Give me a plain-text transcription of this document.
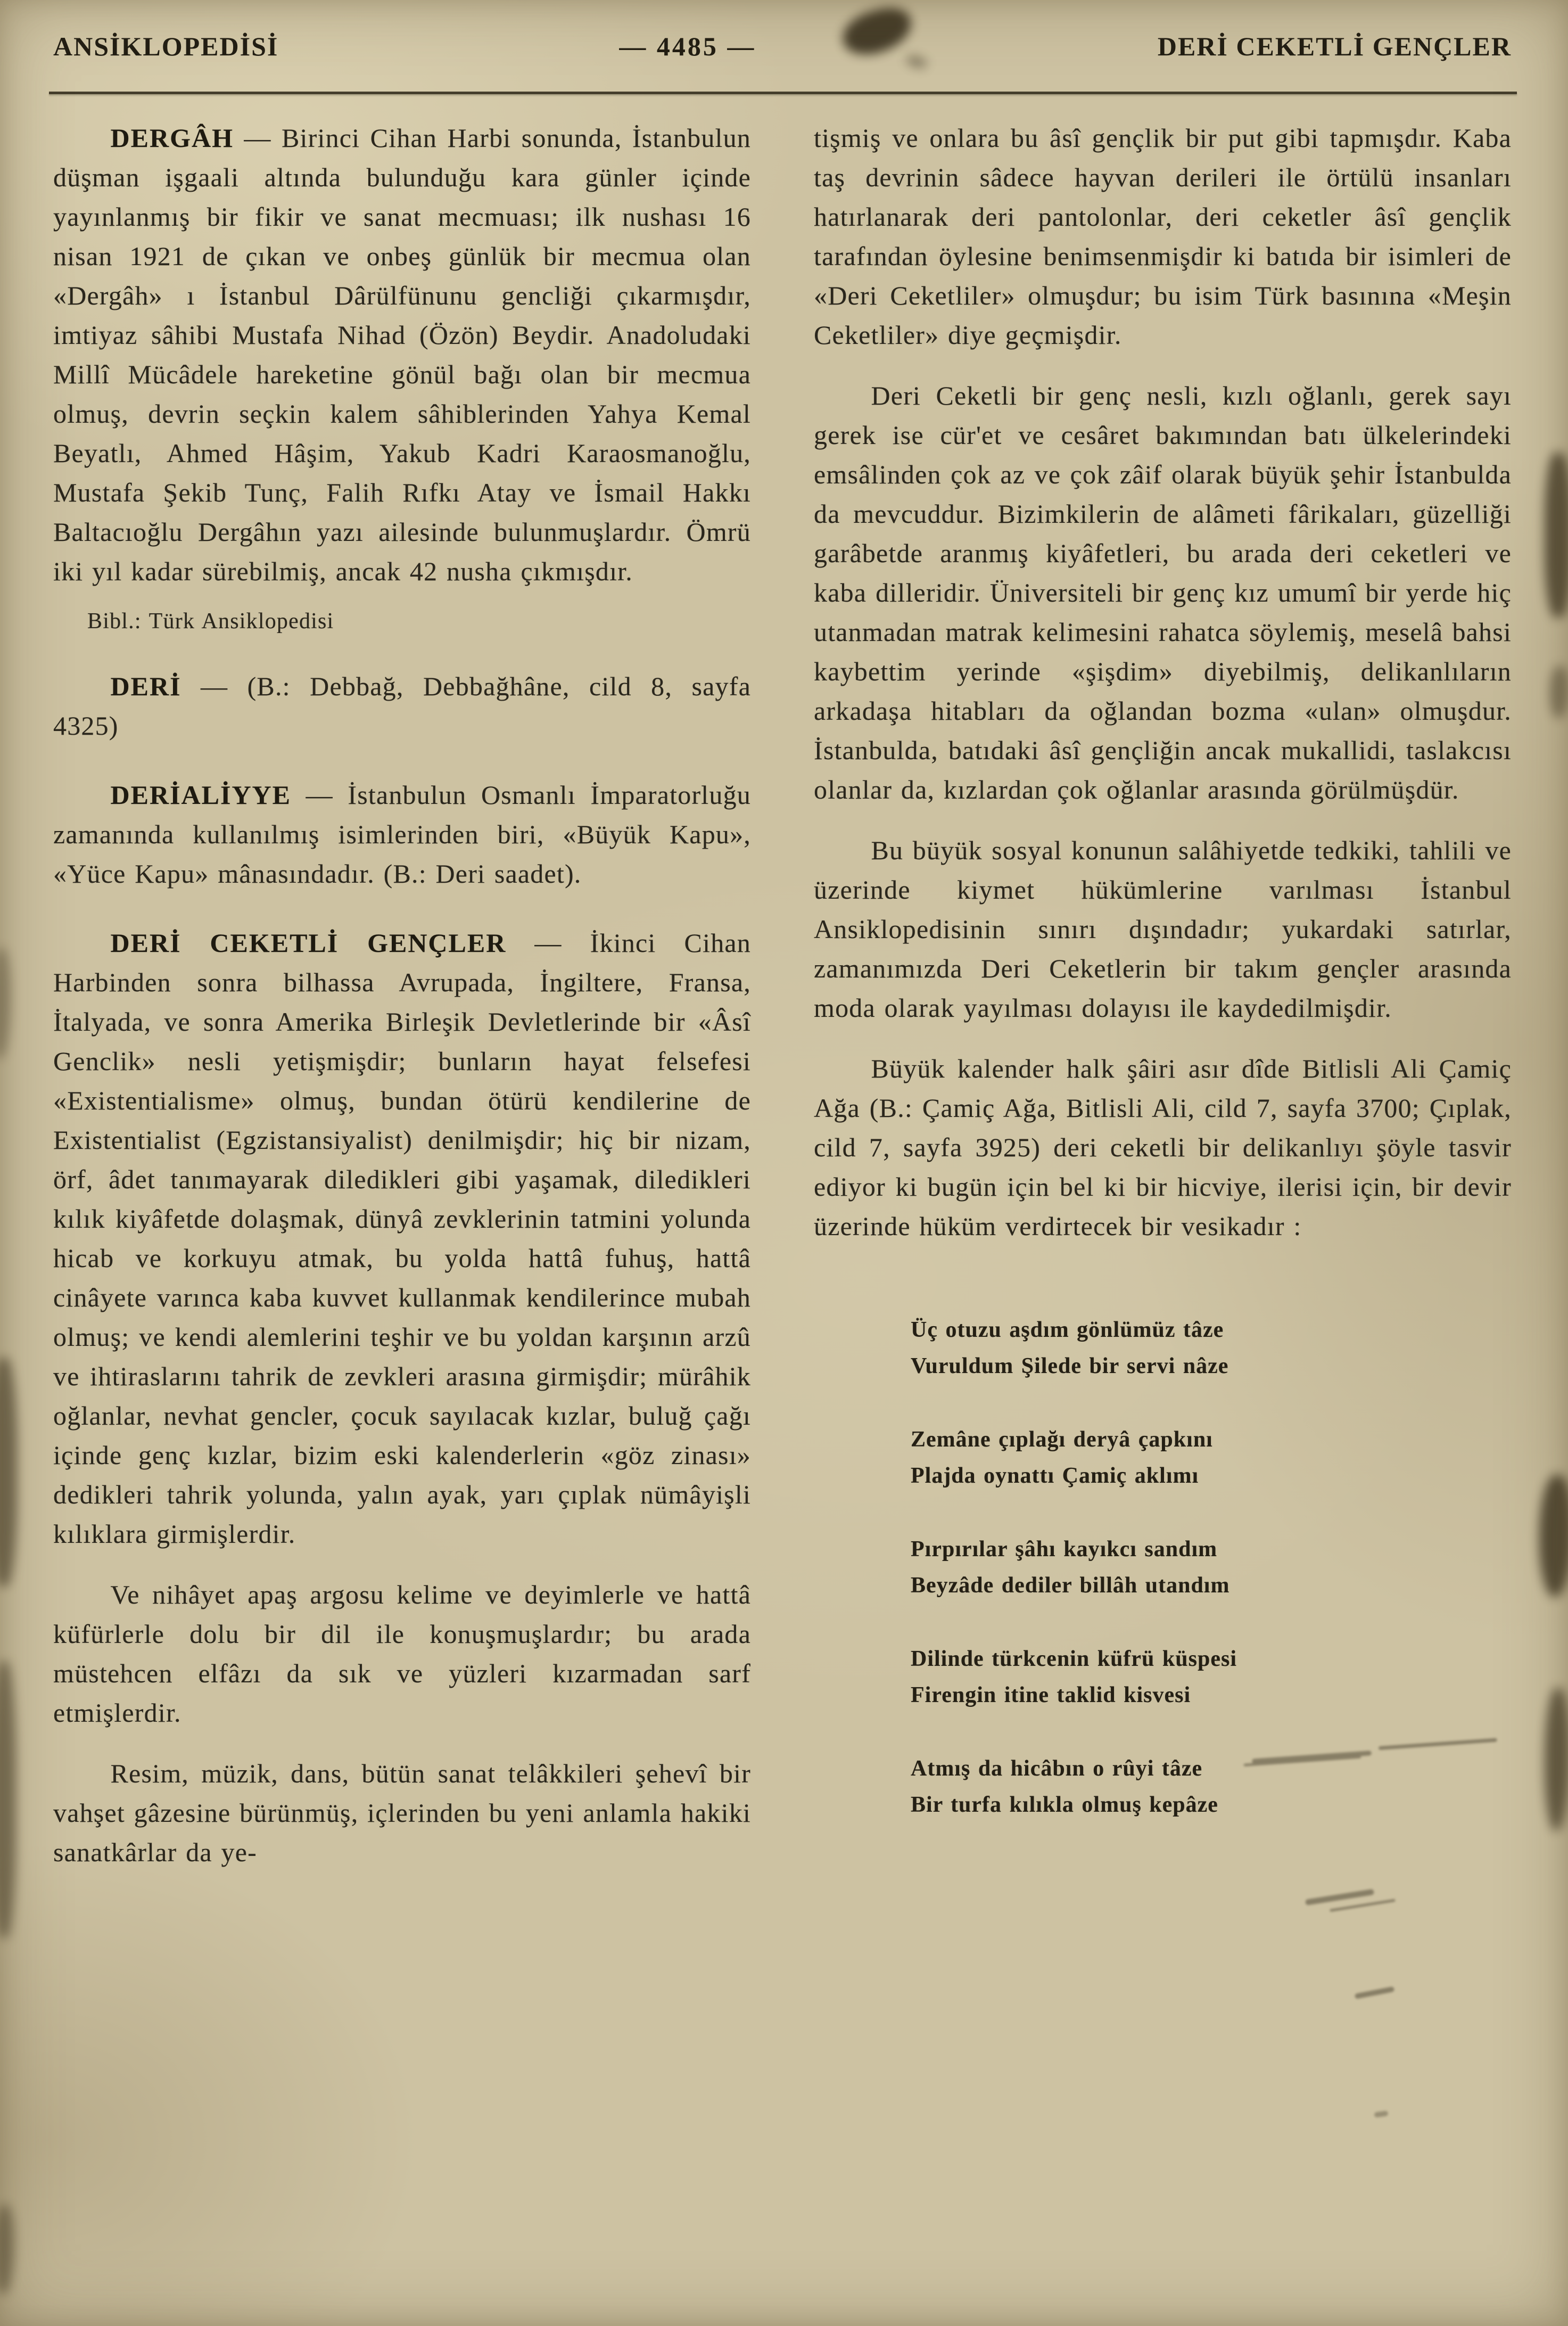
ANSİKLOPEDİSİ	— 4485 —	DERİ CEKETLİ GENÇLER

DERGÂH — Birinci Cihan Harbi sonunda, İstanbulun düşman işgaali altında bulunduğu kara günler içinde yayınlanmış bir fikir ve sanat mecmuası; ilk nushası 16 nisan 1921 de çıkan ve onbeş günlük bir mecmua olan «Dergâh» ı İstanbul Dârülfünunu gencliği çıkarmışdır, imtiyaz sâhibi Mustafa Nihad (Özön) Beydir. Anadoludaki Millî Mücâdele hareketine gönül bağı olan bir mecmua olmuş, devrin seçkin kalem sâhiblerinden Yahya Kemal Beyatlı, Ahmed Hâşim, Yakub Kadri Karaosmanoğlu, Mustafa Şekib Tunç, Falih Rıfkı Atay ve İsmail Hakkı Baltacıoğlu Dergâhın yazı ailesinde bulunmuşlardır. Ömrü iki yıl kadar sürebilmiş, ancak 42 nusha çıkmışdır.

Bibl.: Türk Ansiklopedisi

DERİ — (B.: Debbağ, Debbağhâne, cild 8, sayfa 4325)

DERİALİYYE — İstanbulun Osmanlı İmparatorluğu zamanında kullanılmış isimlerinden biri, «Büyük Kapu», «Yüce Kapu» mânasındadır. (B.: Deri saadet).

DERİ CEKETLİ GENÇLER — İkinci Cihan Harbinden sonra bilhassa Avrupada, İngiltere, Fransa, İtalyada, ve sonra Amerika Birleşik Devletlerinde bir «Âsî Genclik» nesli yetişmişdir; bunların hayat felsefesi «Existentialisme» olmuş, bundan ötürü kendilerine de Existentialist (Egzistansiyalist) denilmişdir; hiç bir nizam, örf, âdet tanımayarak diledikleri gibi yaşamak, diledikleri kılık kiyâfetde dolaşmak, dünyâ zevklerinin tatmini yolunda hicab ve korkuyu atmak, bu yolda hattâ fuhuş, hattâ cinâyete varınca kaba kuvvet kullanmak kendilerince mubah olmuş; ve kendi alemlerini teşhir ve bu yoldan karşının arzû ve ihtiraslarını tahrik de zevkleri arasına girmişdir; mürâhik oğlanlar, nevhat gencler, çocuk sayılacak kızlar, buluğ çağı içinde genç kızlar, bizim eski kalenderlerin «göz zinası» dedikleri tahrik yolunda, yalın ayak, yarı çıplak nümâyişli kılıklara girmişlerdir.

Ve nihâyet apaş argosu kelime ve deyimlerle ve hattâ küfürlerle dolu bir dil ile konuşmuşlardır; bu arada müstehcen elfâzı da sık ve yüzleri kızarmadan sarf etmişlerdir.

Resim, müzik, dans, bütün sanat telâkkileri şehevî bir vahşet gâzesine bürünmüş, içlerinden bu yeni anlamla hakiki sanatkârlar da ye-

tişmiş ve onlara bu âsî gençlik bir put gibi tapmışdır. Kaba taş devrinin sâdece hayvan derileri ile örtülü insanları hatırlanarak deri pantolonlar, deri ceketler âsî gençlik tarafından öylesine benimsenmişdir ki batıda bir isimleri de «Deri Ceketliler» olmuşdur; bu isim Türk basınına «Meşin Ceketliler» diye geçmişdir.

Deri Ceketli bir genç nesli, kızlı oğlanlı, gerek sayı gerek ise cür'et ve cesâret bakımından batı ülkelerindeki emsâlinden çok az ve çok zâif olarak büyük şehir İstanbulda da mevcuddur. Bizimkilerin de alâmeti fârikaları, güzelliği garâbetde aranmış kiyâfetleri, bu arada deri ceketleri ve kaba dilleridir. Üniversiteli bir genç kız umumî bir yerde hiç utanmadan matrak kelimesini rahatca söylemiş, meselâ bahsi kaybettim yerinde «şişdim» diyebilmiş, delikanlıların arkadaşa hitabları da oğlandan bozma «ulan» olmuşdur. İstanbulda, batıdaki âsî gençliğin ancak mukallidi, taslakcısı olanlar da, kızlardan çok oğlanlar arasında görülmüşdür.

Bu büyük sosyal konunun salâhiyetde tedkiki, tahlili ve üzerinde kiymet hükümlerine varılması İstanbul Ansiklopedisinin sınırı dışındadır; yukardaki satırlar, zamanımızda Deri Ceketlerin bir takım gençler arasında moda olarak yayılması dolayısı ile kaydedilmişdir.

Büyük kalender halk şâiri asır dîde Bitlisli Ali Çamiç Ağa (B.: Çamiç Ağa, Bitlisli Ali, cild 7, sayfa 3700; Çıplak, cild 7, sayfa 3925) deri ceketli bir delikanlıyı şöyle tasvir ediyor ki bugün için bel ki bir hicviye, ilerisi için, bir devir üzerinde hüküm verdirtecek bir vesikadır :

Üç otuzu aşdım gönlümüz tâze
Vuruldum Şilede bir servi nâze
Zemâne çıplağı deryâ çapkını
Plajda oynattı Çamiç aklımı
Pırpırılar şâhı kayıkcı sandım
Beyzâde dediler billâh utandım
Dilinde türkcenin küfrü küspesi
Firengin itine taklid kisvesi
Atmış da hicâbın o rûyi tâze
Bir turfa kılıkla olmuş kepâze
